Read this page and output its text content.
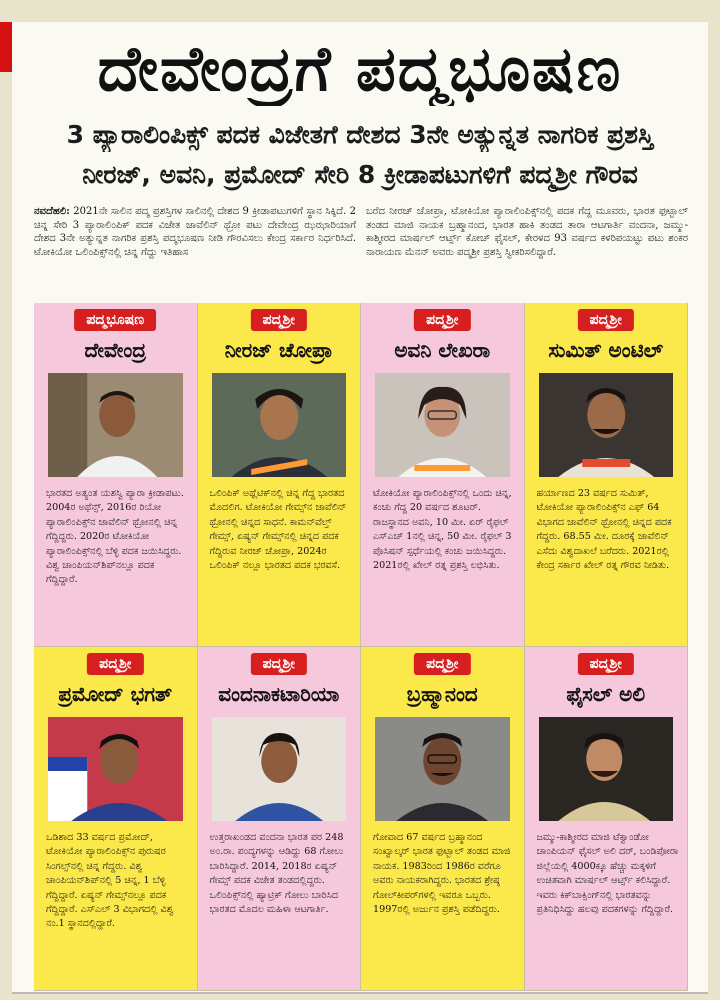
ದೇವೇಂದ್ರಗೆ ಪದ್ಮಭೂಷಣ
3 ಪ್ಯಾರಾಲಿಂಪಿಕ್ಸ್ ಪದಕ ವಿಜೇತಗೆ ದೇಶದ 3ನೇ ಅತ್ಯುನ್ನತ ನಾಗರಿಕ ಪ್ರಶಸ್ತಿ
ನೀರಜ್, ಅವನಿ, ಪ್ರಮೋದ್ ಸೇರಿ 8 ಕ್ರೀಡಾಪಟುಗಳಿಗೆ ಪದ್ಮಶ್ರೀ ಗೌರವ
ನವದೆಹಲಿ: 2021ನೇ ಸಾಲಿನ ಪದ್ಮ ಪ್ರಶಸ್ತಿಗಳ ಸಾಲಿನಲ್ಲಿ ದೇಶದ 9 ಕ್ರೀಡಾಪಟುಗಳಿಗೆ ಸ್ಥಾನ ಸಿಕ್ಕಿದೆ. 2 ಚಿನ್ನ ಸೇರಿ 3 ಪ್ಯಾರಾಲಿಂಪಿಕ್ ಪದಕ ವಿಜೇತ ಜಾವೆಲಿನ್ ಥ್ರೋ ಪಟು ದೇವೇಂದ್ರ ಝಝಾರಿಯಾಗೆ ದೇಶದ 3ನೇ ಅತ್ಯುನ್ನತ ನಾಗರಿಕ ಪ್ರಶಸ್ತಿ ಪದ್ಮಭೂಷಣ ನೀಡಿ ಗೌರವಿಸಲು ಕೇಂದ್ರ ಸರ್ಕಾರ ನಿರ್ಧರಿಸಿದೆ. ಟೋಕಿಯೋ ಒಲಿಂಪಿಕ್ಸ್‌ನಲ್ಲಿ ಚಿನ್ನ ಗೆದ್ದು ಇತಿಹಾಸ
ಬರೆದ ನೀರಜ್ ಚೋಪ್ರಾ, ಟೋಕಿಯೋ ಪ್ಯಾರಾಲಿಂಪಿಕ್ಸ್‌ನಲ್ಲಿ ಪದಕ ಗೆದ್ದ ಮೂವರು, ಭಾರತ ಫುಟ್ಬಾಲ್ ತಂಡದ ಮಾಜಿ ನಾಯಕ ಬ್ರಹ್ಮಾನಂದ, ಭಾರತ ಹಾಕಿ ತಂಡದ ತಾರಾ ಆಟಗಾರ್ತಿ ವಂದನಾ, ಜಮ್ಮು-ಕಾಶ್ಮೀರದ ಮಾರ್ಷಲ್ ಆರ್ಟ್ಸ್ ಕೋಚ್ ಫೈಸಲ್, ಕೇರಳದ 93 ವರ್ಷದ ಕಳರಿಪಯಟ್ಟು ಪಟು ಶಂಕರ ನಾರಾಯಣ ಮೆನನ್ ಅವರು ಪದ್ಮಶ್ರೀ ಪ್ರಶಸ್ತಿ ಸ್ವೀಕರಿಸಲಿದ್ದಾರೆ.
ಪದ್ಮಭೂಷಣ
ದೇವೇಂದ್ರ
ಭಾರತದ ಅತ್ಯಂತ ಯಶಸ್ವಿ ಪ್ಯಾರಾ ಕ್ರೀಡಾಪಟು. 2004ರ ಅಥೆನ್ಸ್, 2016ರ ರಿಯೋ ಪ್ಯಾರಾಲಿಂಪಿಕ್ಸ್‌ನ ಜಾವೆಲಿನ್ ಥ್ರೋನಲ್ಲಿ ಚಿನ್ನ ಗೆದ್ದಿದ್ದರು. 2020ರ ಟೋಕಿಯೋ ಪ್ಯಾರಾಲಿಂಪಿಕ್ಸ್‌ನಲ್ಲಿ ಬೆಳ್ಳಿ ಪದಕ ಜಯಿಸಿದ್ದರು. ವಿಶ್ವ ಚಾಂಪಿಯನ್‌ಶಿಪ್‌ನಲ್ಲೂ ಪದಕ ಗೆದ್ದಿದ್ದಾರೆ.
ಪದ್ಮಶ್ರೀ
ನೀರಜ್ ಚೋಪ್ರಾ
ಒಲಿಂಪಿಕ್ ಅಥ್ಲೆಟಿಕ್‌ನಲ್ಲಿ ಚಿನ್ನ ಗೆದ್ದ ಭಾರತದ ಮೊದಲಿಗ. ಟೋಕಿಯೋ ಗೇಮ್ಸ್‌ನ ಜಾವೆಲಿನ್ ಥ್ರೋನಲ್ಲಿ ಚಿನ್ನದ ಸಾಧನೆ. ಕಾಮನ್‌ವೆಲ್ತ್ ಗೇಮ್ಸ್, ಏಷ್ಯನ್ ಗೇಮ್ಸ್‌ನಲ್ಲಿ ಚಿನ್ನದ ಪದಕ ಗೆದ್ದಿರುವ ನೀರಜ್ ಚೋಪ್ರಾ, 2024ರ ಒಲಿಂಪಿಕ್ ನಲ್ಲೂ ಭಾರತದ ಪದಕ ಭರವಸೆ.
ಪದ್ಮಶ್ರೀ
ಅವನಿ ಲೇಖರಾ
ಟೋಕಿಯೋ ಪ್ಯಾರಾಲಿಂಪಿಕ್ಸ್‌ನಲ್ಲಿ ಒಂದು ಚಿನ್ನ, ಕಂಚು ಗೆದ್ದ 20 ವರ್ಷದ ಶೂಟರ್. ರಾಜಸ್ಥಾನದ ಅವನಿ, 10 ಮೀ. ಏರ್ ರೈಫಲ್ ಎಸ್‌ಎಚ್ 1ನಲ್ಲಿ ಚಿನ್ನ, 50 ಮೀ. ರೈಫಲ್ 3 ಪೊಸಿಷನ್ ಸ್ಪರ್ಧೆಯಲ್ಲಿ ಕಂಚು ಜಯಿಸಿದ್ದರು. 2021ರಲ್ಲಿ ಖೇಲ್ ರತ್ನ ಪ್ರಶಸ್ತಿ ಲಭಿಸಿತು.
ಪದ್ಮಶ್ರೀ
ಸುಮಿತ್ ಅಂಟಿಲ್
ಹರ್ಯಾಣದ 23 ವರ್ಷದ ಸುಮಿತ್, ಟೋಕಿಯೋ ಪ್ಯಾರಾಲಿಂಪಿಕ್ಸ್‌ನ ಎಫ್ 64 ವಿಭಾಗದ ಜಾವೆಲಿನ್ ಥ್ರೋನಲ್ಲಿ ಚಿನ್ನದ ಪದಕ ಗೆದ್ದರು. 68.55 ಮೀ. ದೂರಕ್ಕೆ ಜಾವೆಲಿನ್ ಎಸೆದು ವಿಶ್ವದಾಖಲೆ ಬರೆದರು. 2021ರಲ್ಲಿ ಕೇಂದ್ರ ಸರ್ಕಾರ ಖೇಲ್ ರತ್ನ ಗೌರವ ನೀಡಿತು.
ಪದ್ಮಶ್ರೀ
ಪ್ರಮೋದ್ ಭಗತ್
ಒಡಿಶಾದ 33 ವರ್ಷದ ಪ್ರಮೋದ್, ಟೋಕಿಯೋ ಪ್ಯಾರಾಲಿಂಪಿಕ್ಸ್‌ನ ಪುರುಷರ ಸಿಂಗಲ್ಸ್‌ನಲ್ಲಿ ಚಿನ್ನ ಗೆದ್ದರು. ವಿಶ್ವ ಚಾಂಪಿಯನ್‌ಶಿಪ್‌ನಲ್ಲಿ 5 ಚಿನ್ನ, 1 ಬೆಳ್ಳಿ ಗೆದ್ದಿದ್ದಾರೆ. ಏಷ್ಯನ್ ಗೇಮ್ಸ್‌ನಲ್ಲೂ ಪದಕ ಗೆದ್ದಿದ್ದಾರೆ. ಎಸ್‌ಎಲ್ 3 ವಿಭಾಗದಲ್ಲಿ ವಿಶ್ವ ನಂ.1 ಸ್ಥಾನದಲ್ಲಿದ್ದಾರೆ.
ಪದ್ಮಶ್ರೀ
ವಂದನಾಕಟಾರಿಯಾ
ಉತ್ತರಾಖಂಡದ ವಂದನಾ ಭಾರತ ಪರ 248 ಅಂ.ರಾ. ಪಂದ್ಯಗಳನ್ನು ಆಡಿದ್ದು 68 ಗೋಲು ಬಾರಿಸಿದ್ದಾರೆ. 2014, 2018ರ ಏಷ್ಯನ್ ಗೇಮ್ಸ್ ಪದಕ ವಿಜೇತ ತಂಡದಲ್ಲಿದ್ದರು. ಒಲಿಂಪಿಕ್ಸ್‌ನಲ್ಲಿ ಹ್ಯಾಟ್ರಿಕ್ ಗೋಲು ಬಾರಿಸಿದ ಭಾರತದ ಮೊದಲ ಮಹಿಳಾ ಆಟಗಾರ್ತಿ.
ಪದ್ಮಶ್ರೀ
ಬ್ರಹ್ಮಾನಂದ
ಗೋವಾದ 67 ವರ್ಷದ ಬ್ರಹ್ಮಾನಂದ ಸಂಖ್ವಾಲ್ಕರ್ ಭಾರತ ಫುಟ್ಬಾಲ್ ತಂಡದ ಮಾಜಿ ನಾಯಕ. 1983ರಿಂದ 1986ರ ವರೆಗೂ ಅವರು ನಾಯಕರಾಗಿದ್ದರು. ಭಾರತದ ಶ್ರೇಷ್ಠ ಗೋಲ್‌ಕೀಪರ್‌ಗಳಲ್ಲಿ ಇವರೂ ಒಬ್ಬರು. 1997ರಲ್ಲಿ ಅರ್ಜುನ ಪ್ರಶಸ್ತಿ ಪಡೆದಿದ್ದರು.
ಪದ್ಮಶ್ರೀ
ಫೈಸಲ್ ಅಲಿ
ಜಮ್ಮು-ಕಾಶ್ಮೀರದ ಮಾಜಿ ಟೆಕ್ವಾಂಡೋ ಚಾಂಪಿಯನ್ ಫೈಸಲ್ ಅಲಿ ದರ್, ಬಂಡಿಪೋರಾ ಜಿಲ್ಲೆಯಲ್ಲಿ 4000ಕ್ಕೂ ಹೆಚ್ಚು ಮಕ್ಕಳಿಗೆ ಉಚಿತವಾಗಿ ಮಾರ್ಷಲ್ ಆರ್ಟ್ಸ್ ಕಲಿಸಿದ್ದಾರೆ. ಇವರು ಕಿಕ್‌ಬಾಕ್ಸಿಂಗ್‌ನಲ್ಲಿ ಭಾರತವನ್ನು ಪ್ರತಿನಿಧಿಸಿದ್ದು ಹಲವು ಪದಕಗಳನ್ನು ಗೆದ್ದಿದ್ದಾರೆ.
